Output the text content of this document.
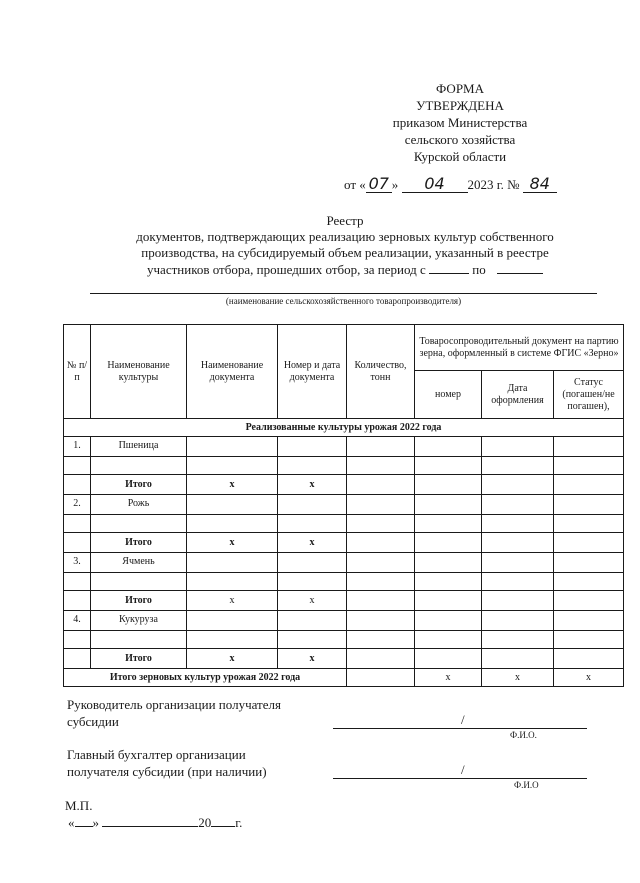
ФОРМА
УТВЕРЖДЕНА
приказом Министерства
сельского хозяйства
Курской области
от « 07 » 04 2023 г. № 84
Реестр
документов, подтверждающих реализацию зерновых культур собственного
производства, на субсидируемый объем реализации, указанный в реестре
участников отбора, прошедших отбор, за период с	по
(наименование сельскохозяйственного товаропроизводителя)
№ п/п	Наименование культуры	Наименование документа	Номер и дата документа	Количество, тонн	Товаросопроводительный документ на партию зерна, оформленный в системе ФГИС «Зерно»		
					номер	Дата оформления	Статус (погашен/не погашен),
Реализованные культуры урожая 2022 года							
1.	Пшеница						

	Итого	х	х				
2.	Рожь						

	Итого	х	х				
3.	Ячмень						

	Итого	х	х				
4.	Кукуруза						

	Итого	х	х				
Итого зерновых культур урожая 2022 года					х	х	х
Руководитель организации получателя
субсидии	/
Ф.И.О.
Главный бухгалтер организации
получателя субсидии (при наличии)	/
Ф.И.О
М.П.
« »	20 г.
